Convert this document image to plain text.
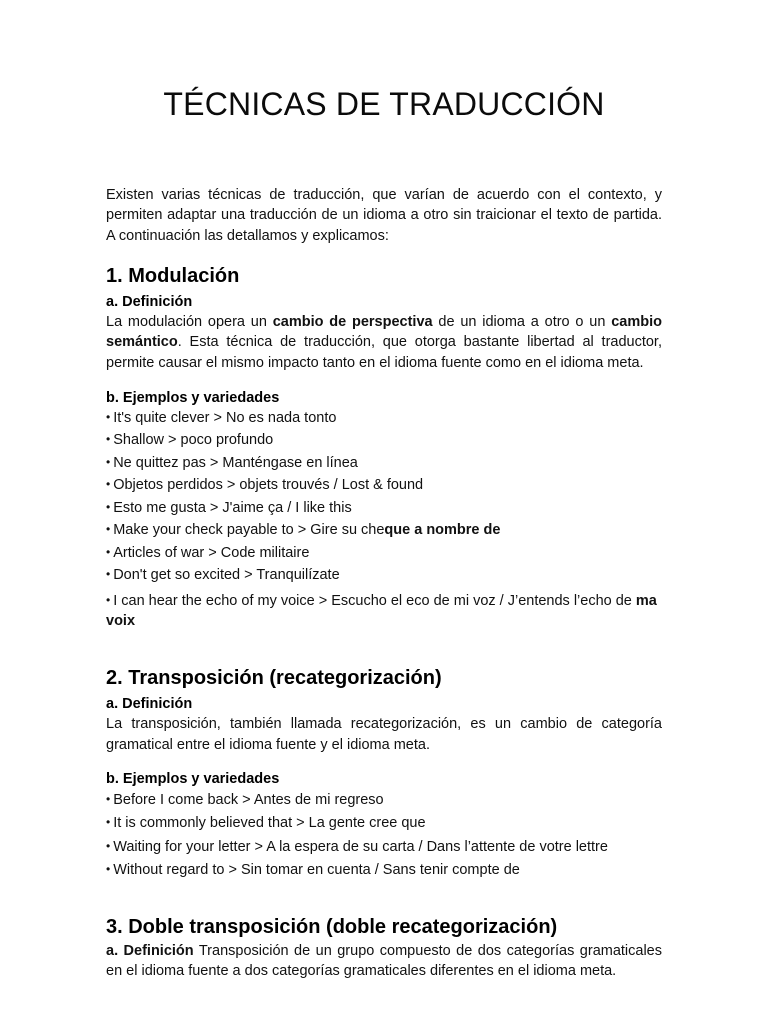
TÉCNICAS DE TRADUCCIÓN

Existen varias técnicas de traducción, que varían de acuerdo con el contexto, y permiten adaptar una traducción de un idioma a otro sin traicionar el texto de partida. A continuación las detallamos y explicamos:

1. Modulación
a. Definición

La modulación opera un cambio de perspectiva de un idioma a otro o un cambio semántico. Esta técnica de traducción, que otorga bastante libertad al traductor, permite causar el mismo impacto tanto en el idioma fuente como en el idioma meta.

b. Ejemplos y variedades
• It's quite clever > No es nada tonto
• Shallow > poco profundo
• Ne quittez pas > Manténgase en línea
• Objetos perdidos > objets trouvés / Lost & found
• Esto me gusta > J'aime ça / I like this
• Make your check payable to > Gire su cheque a nombre de
• Articles of war > Code militaire
• Don't get so excited > Tranquilízate
• I can hear the echo of my voice > Escucho el eco de mi voz / J’entends l’echo de ma voix
2. Transposición (recategorización)
a. Definición

La transposición, también llamada recategorización, es un cambio de categoría gramatical entre el idioma fuente y el idioma meta.

b. Ejemplos y variedades
• Before I come back > Antes de mi regreso
• It is commonly believed that > La gente cree que
• Waiting for your letter > A la espera de su carta / Dans l’attente de votre lettre
• Without regard to > Sin tomar en cuenta / Sans tenir compte de
3. Doble transposición (doble recategorización)

a. Definición Transposición de un grupo compuesto de dos categorías gramaticales en el idioma fuente a dos categorías gramaticales diferentes en el idioma meta.
